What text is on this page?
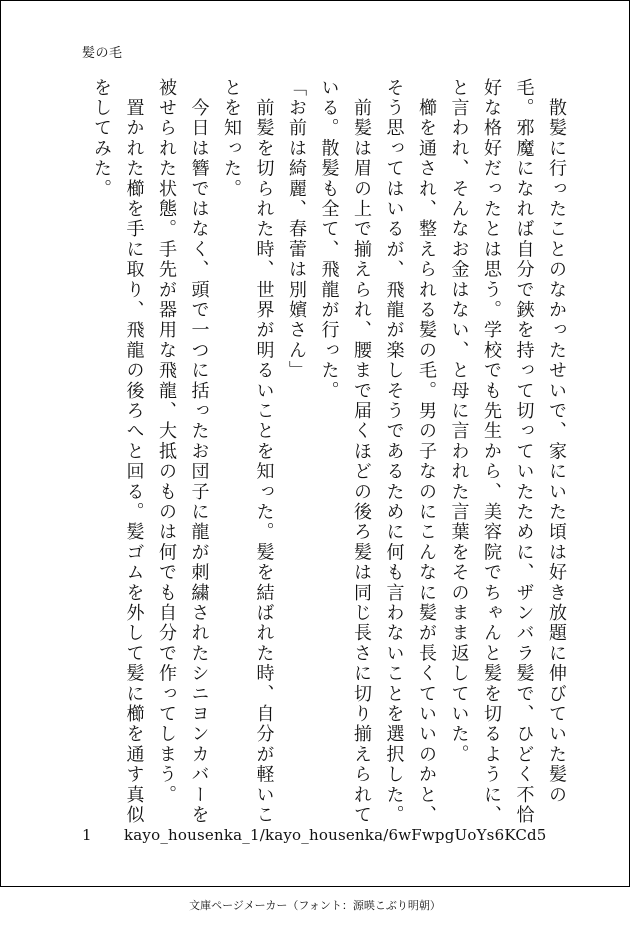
髪の毛

　散髪に行ったことのなかったせいで、家にいた頃は好き放題に伸びていた髪の毛。邪魔になれば自分で鋏を持って切っていたために、ザンバラ髪で、ひどく不恰好な格好だったとは思う。学校でも先生から、美容院でちゃんと髪を切るように、と言われ、そんなお金はない、と母に言われた言葉をそのまま返していた。

　櫛を通され、整えられる髪の毛。男の子なのにこんなに髪が長くていいのかと、そう思ってはいるが、飛龍が楽しそうであるために何も言わないことを選択した。

　前髪は眉の上で揃えられ、腰まで届くほどの後ろ髪は同じ長さに切り揃えられている。散髪も全て、飛龍が行った。

「お前は綺麗、春蕾は別嬪さん」

　前髪を切られた時、世界が明るいことを知った。髪を結ばれた時、自分が軽いことを知った。

　今日は簪ではなく、頭で一つに括ったお団子に龍が刺繍されたシニヨンカバーを被せられた状態。手先が器用な飛龍、大抵のものは何でも自分で作ってしまう。

　置かれた櫛を手に取り、飛龍の後ろへと回る。髪ゴムを外して髪に櫛を通す真似をしてみた。

1 kayo_housenka_1/kayo_housenka/6wFwpgUoYs6KCd5
文庫ページメーカー（フォント：源暎こぶり明朝）
